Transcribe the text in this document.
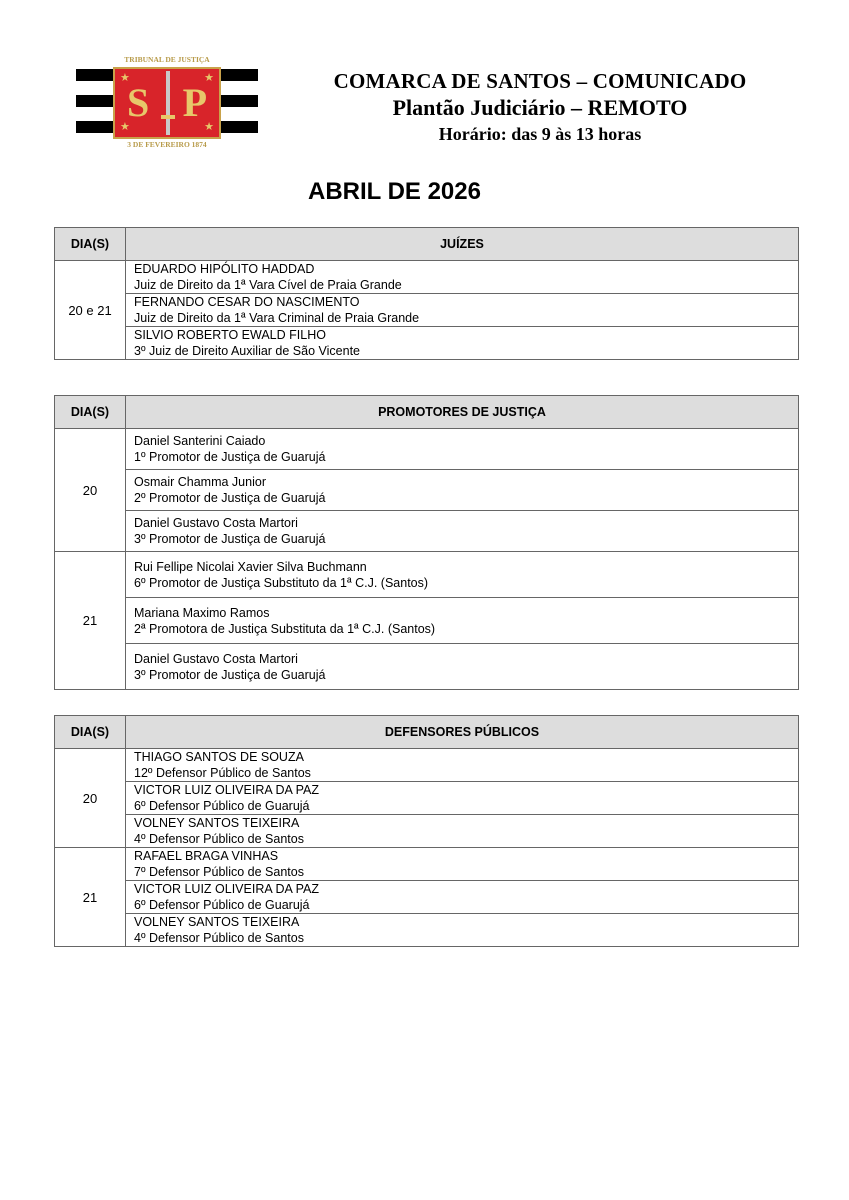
TRIBUNAL DE JUSTIÇA
★	★
★	★
S P
3 DE FEVEREIRO 1874
COMARCA DE SANTOS – COMUNICADO
Plantão Judiciário – REMOTO
Horário: das 9 às 13 horas
ABRIL DE 2026
DIA(S)	JUÍZES
20 e 21	EDUARDO HIPÓLITO HADDAD
Juiz de Direito da 1ª Vara Cível de Praia Grande

	FERNANDO CESAR DO NASCIMENTO
Juiz de Direito da 1ª Vara Criminal de Praia Grande

	SILVIO ROBERTO EWALD FILHO
3º Juiz de Direito Auxiliar de São Vicente
DIA(S)	PROMOTORES DE JUSTIÇA
20	Daniel Santerini Caiado
1º Promotor de Justiça de Guarujá

	Osmair Chamma Junior
2º Promotor de Justiça de Guarujá

	Daniel Gustavo Costa Martori
3º Promotor de Justiça de Guarujá

21	Rui Fellipe Nicolai Xavier Silva Buchmann
6º Promotor de Justiça Substituto da 1ª C.J. (Santos)

	Mariana Maximo Ramos
2ª Promotora de Justiça Substituta da 1ª C.J. (Santos)

	Daniel Gustavo Costa Martori
3º Promotor de Justiça de Guarujá
DIA(S)	DEFENSORES PÚBLICOS
20	THIAGO SANTOS DE SOUZA
12º Defensor Público de Santos

	VICTOR LUIZ OLIVEIRA DA PAZ
6º Defensor Público de Guarujá

	VOLNEY SANTOS TEIXEIRA
4º Defensor Público de Santos

21	RAFAEL BRAGA VINHAS
7º Defensor Público de Santos

	VICTOR LUIZ OLIVEIRA DA PAZ
6º Defensor Público de Guarujá

	VOLNEY SANTOS TEIXEIRA
4º Defensor Público de Santos
